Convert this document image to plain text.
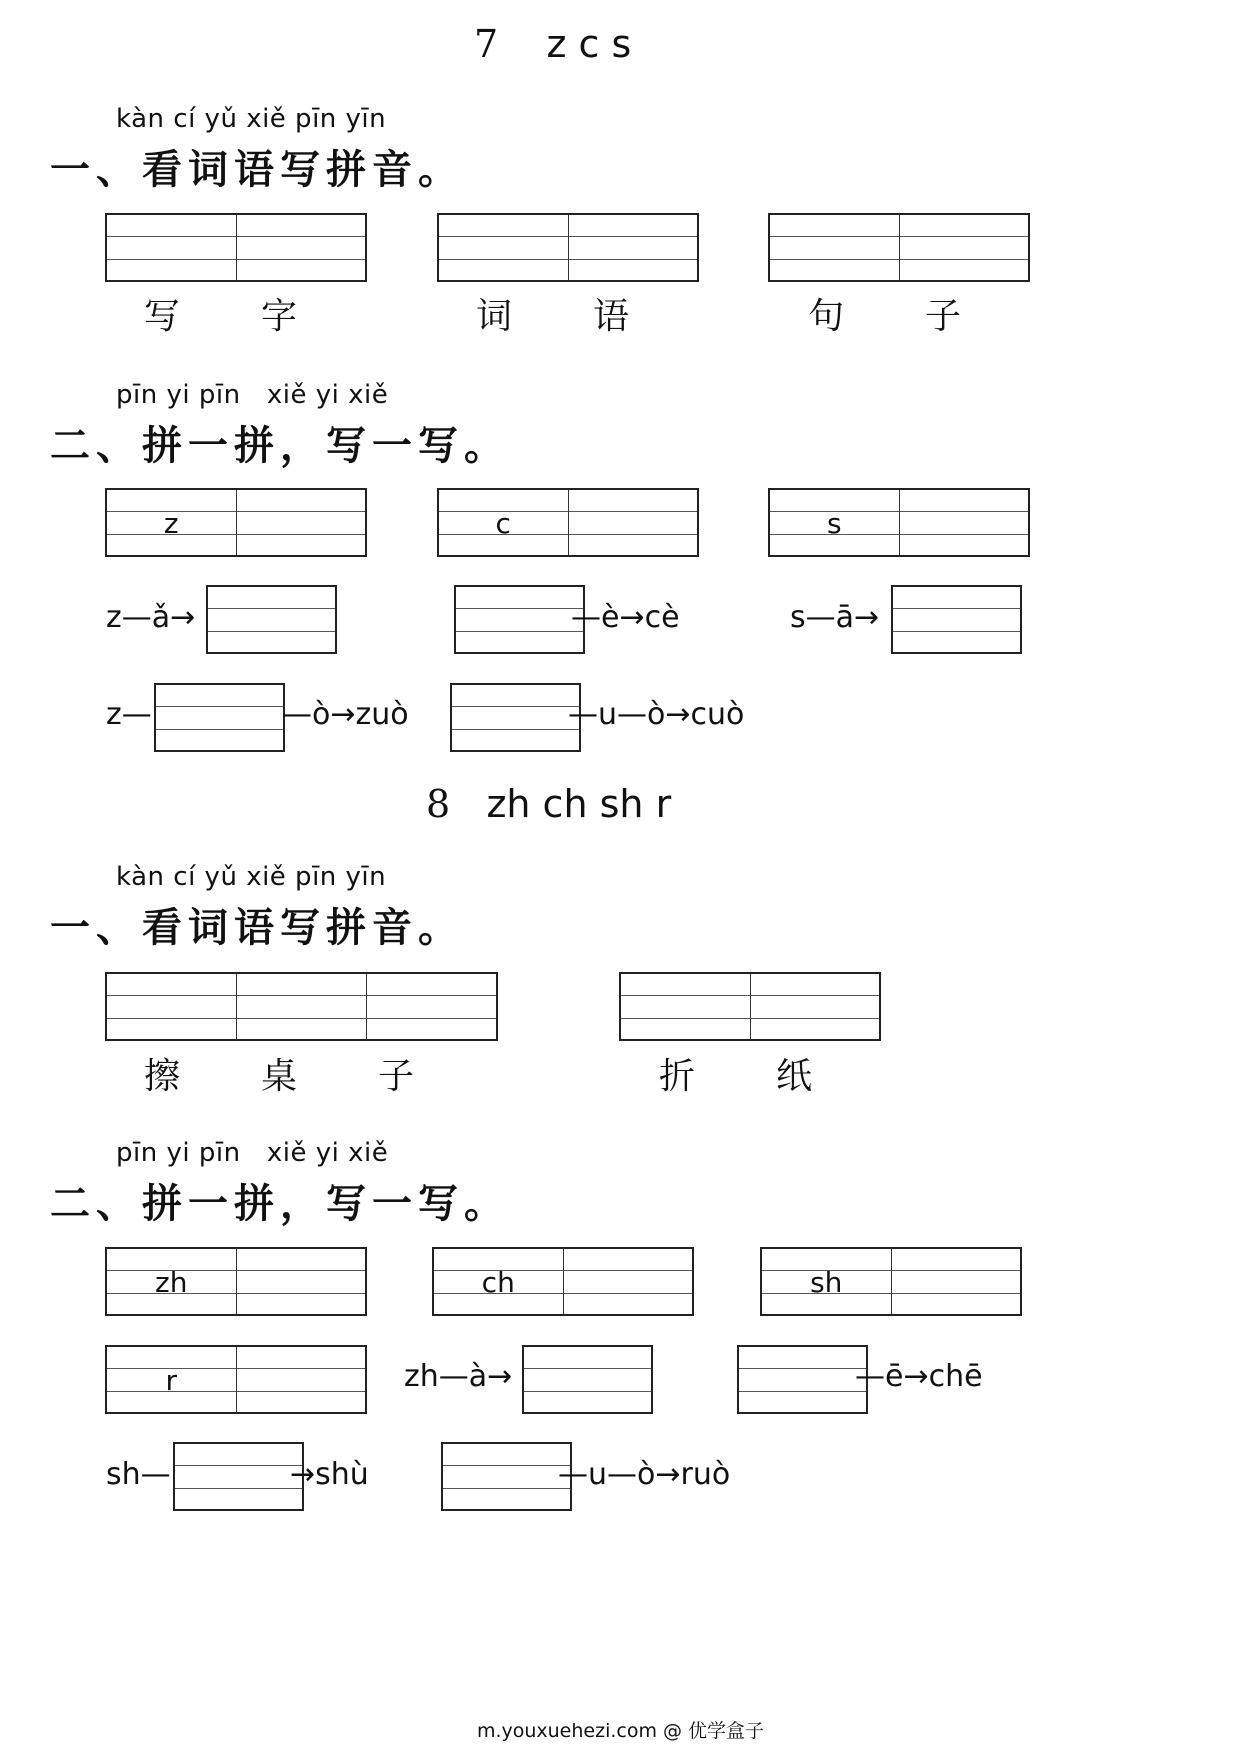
7 z c s
kàn cí yǔ xiě pīn yīn
一、看词语写拼音。
写	字	词	语	句	子
pīn yi pīn   xiě yi xiě
二、拼一拼，写一写。
z	c	s
z—ǎ→	—è→cè	s—ā→
z—	—ò→zuò	—u—ò→cuò
8 zh ch sh r
kàn cí yǔ xiě pīn yīn
一、看词语写拼音。
擦	桌	子	折	纸
pīn yi pīn   xiě yi xiě
二、拼一拼，写一写。
zh	ch	sh
r	zh—à→	—ē→chē
sh—	→shù	—u—ò→ruò
m.youxuehezi.com @ 优学盒子
